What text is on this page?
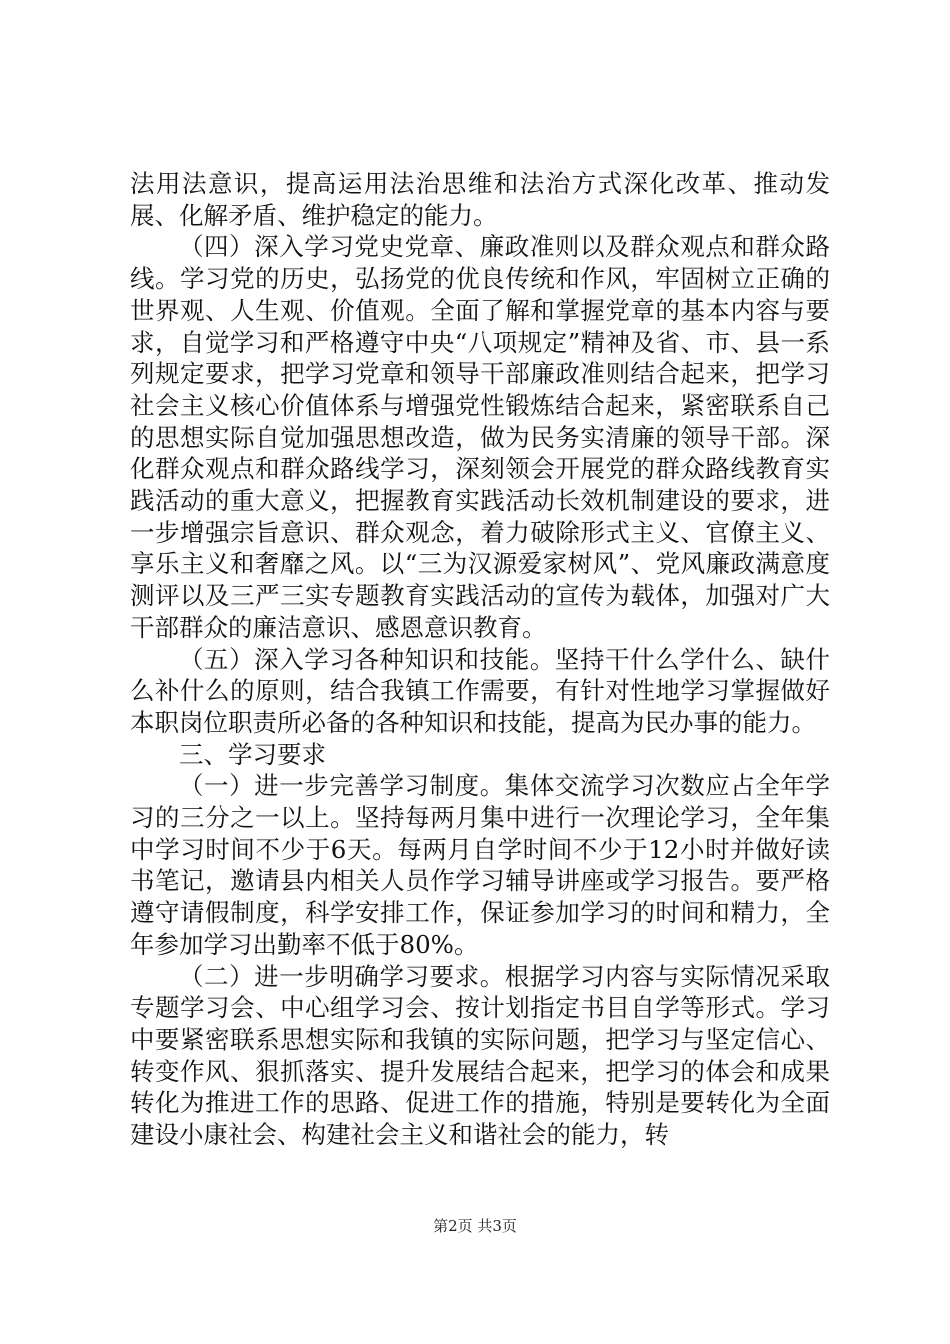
法用法意识，提高运用法治思维和法治方式深化改革、推动发展、化解矛盾、维护稳定的能力。

（四）深入学习党史党章、廉政准则以及群众观点和群众路线。学习党的历史，弘扬党的优良传统和作风，牢固树立正确的世界观、人生观、价值观。全面了解和掌握党章的基本内容与要求，自觉学习和严格遵守中央“八项规定”精神及省、市、县一系列规定要求，把学习党章和领导干部廉政准则结合起来，把学习社会主义核心价值体系与增强党性锻炼结合起来，紧密联系自己的思想实际自觉加强思想改造，做为民务实清廉的领导干部。深化群众观点和群众路线学习，深刻领会开展党的群众路线教育实践活动的重大意义，把握教育实践活动长效机制建设的要求，进一步增强宗旨意识、群众观念，着力破除形式主义、官僚主义、享乐主义和奢靡之风。以“三为汉源爱家树风”、党风廉政满意度测评以及三严三实专题教育实践活动的宣传为载体，加强对广大干部群众的廉洁意识、感恩意识教育。

（五）深入学习各种知识和技能。坚持干什么学什么、缺什么补什么的原则，结合我镇工作需要，有针对性地学习掌握做好本职岗位职责所必备的各种知识和技能，提高为民办事的能力。

三、学习要求

（一）进一步完善学习制度。集体交流学习次数应占全年学习的三分之一以上。坚持每两月集中进行一次理论学习，全年集中学习时间不少于6天。每两月自学时间不少于12小时并做好读书笔记，邀请县内相关人员作学习辅导讲座或学习报告。要严格遵守请假制度，科学安排工作，保证参加学习的时间和精力，全年参加学习出勤率不低于80%。

（二）进一步明确学习要求。根据学习内容与实际情况采取专题学习会、中心组学习会、按计划指定书目自学等形式。学习中要紧密联系思想实际和我镇的实际问题，把学习与坚定信心、转变作风、狠抓落实、提升发展结合起来，把学习的体会和成果转化为推进工作的思路、促进工作的措施，特别是要转化为全面建设小康社会、构建社会主义和谐社会的能力，转

第2页 共3页
